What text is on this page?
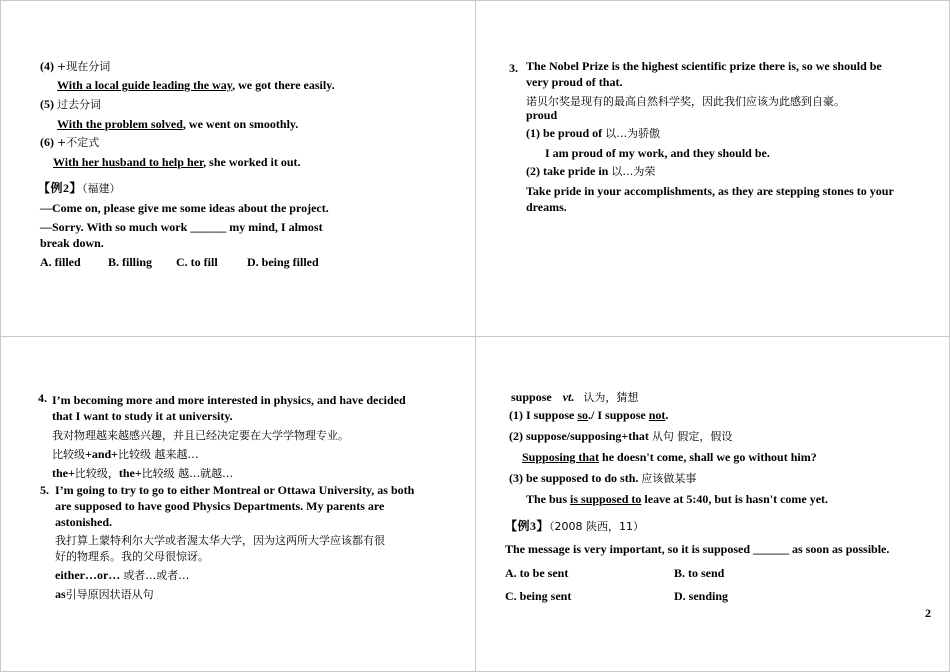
(4) +现在分词
With a local guide leading the way, we got there easily.
(5) 过去分词
With the problem solved, we went on smoothly.
(6) +不定式
With her husband to help her, she worked it out.
【例2】（福建）
—Come on, please give me some ideas about the project.
—Sorry. With so much work ______ my mind, I almost
break down.
A. filled B. filling C. to fill D. being filled
3. The Nobel Prize is the highest scientific prize there is, so we should be
very proud of that.
诺贝尔奖是现有的最高自然科学奖，因此我们应该为此感到自豪。
proud
(1) be proud of 以…为骄傲
I am proud of my work, and they should be.
(2) take pride in 以…为荣
Take pride in your accomplishments, as they are stepping stones to your
dreams.
4. I’m becoming more and more interested in physics, and have decided
that I want to study it at university.
我对物理越来越感兴趣，并且已经决定要在大学学物理专业。
比较级+and+比较级 越来越…
the+比较级，the+比较级 越…就越…
5. I’m going to try to go to either Montreal or Ottawa University, as both
are supposed to have good Physics Departments. My parents are
astonished.
我打算上蒙特利尔大学或者渥太华大学，因为这两所大学应该都有很
好的物理系。我的父母很惊讶。
either…or… 或者…或者…
as引导原因状语从句
suppose vt. 认为，猜想
(1) I suppose so./ I suppose not.
(2) suppose/supposing+that 从句 假定，假设
Supposing that he doesn't come, shall we go without him?
(3) be supposed to do sth. 应该做某事
The bus is supposed to leave at 5:40, but is hasn't come yet.
【例3】（2008 陕西，11）
The message is very important, so it is supposed ______ as soon as possible.
A. to be sent	B. to send
C. being sent	D. sending
2
